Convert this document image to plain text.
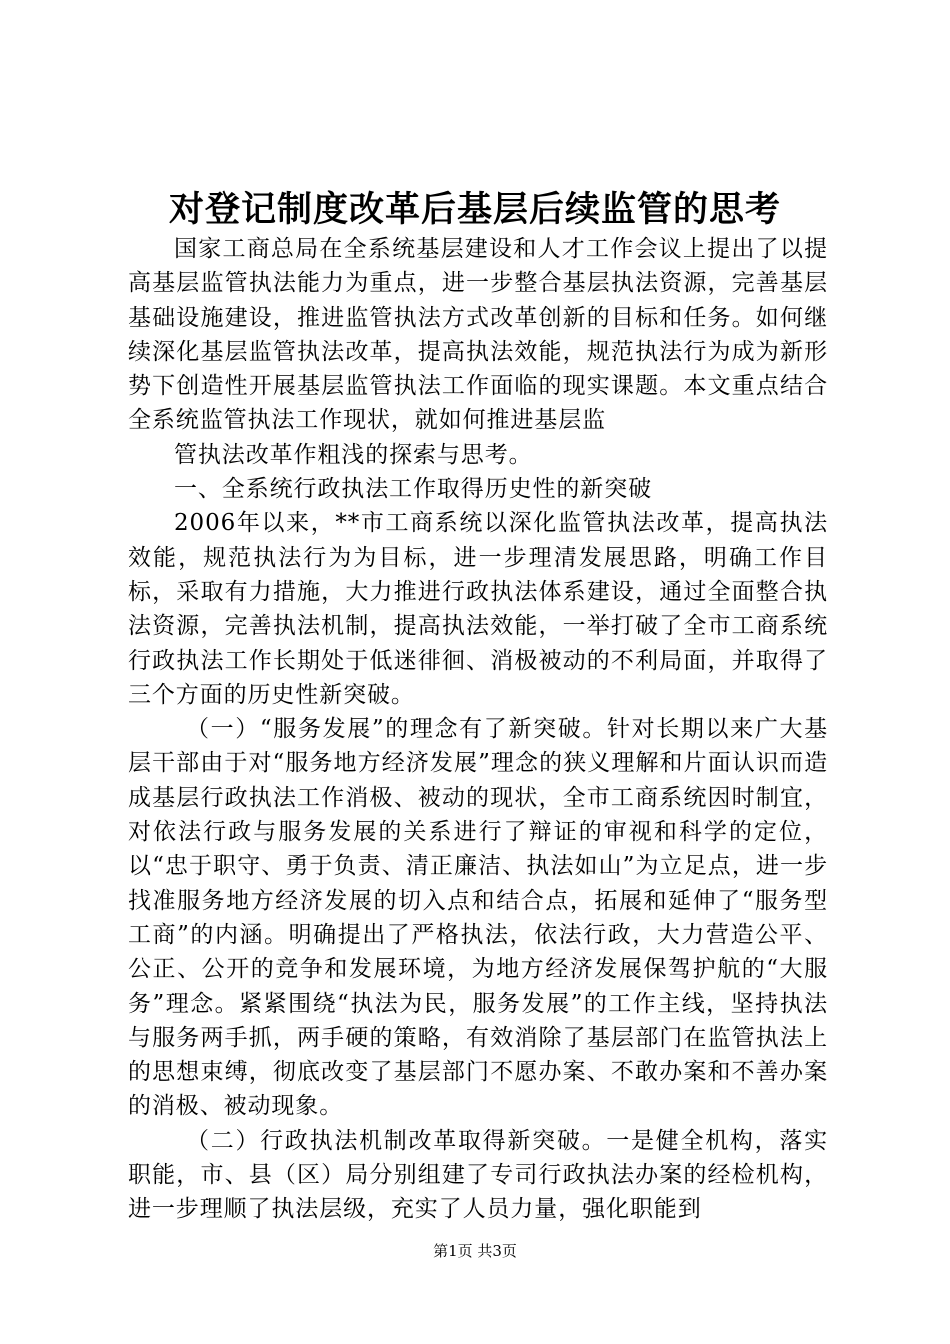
对登记制度改革后基层后续监管的思考

国家工商总局在全系统基层建设和人才工作会议上提出了以提高基层监管执法能力为重点，进一步整合基层执法资源，完善基层基础设施建设，推进监管执法方式改革创新的目标和任务。如何继续深化基层监管执法改革，提高执法效能，规范执法行为成为新形势下创造性开展基层监管执法工作面临的现实课题。本文重点结合全系统监管执法工作现状，就如何推进基层监

管执法改革作粗浅的探索与思考。

一、全系统行政执法工作取得历史性的新突破

2006年以来，**市工商系统以深化监管执法改革，提高执法效能，规范执法行为为目标，进一步理清发展思路，明确工作目标，采取有力措施，大力推进行政执法体系建设，通过全面整合执法资源，完善执法机制，提高执法效能，一举打破了全市工商系统行政执法工作长期处于低迷徘徊、消极被动的不利局面，并取得了三个方面的历史性新突破。

（一）“服务发展”的理念有了新突破。针对长期以来广大基层干部由于对“服务地方经济发展”理念的狭义理解和片面认识而造成基层行政执法工作消极、被动的现状，全市工商系统因时制宜，对依法行政与服务发展的关系进行了辩证的审视和科学的定位，以“忠于职守、勇于负责、清正廉洁、执法如山”为立足点，进一步找准服务地方经济发展的切入点和结合点，拓展和延伸了“服务型工商”的内涵。明确提出了严格执法，依法行政，大力营造公平、公正、公开的竞争和发展环境，为地方经济发展保驾护航的“大服务”理念。紧紧围绕“执法为民，服务发展”的工作主线，坚持执法与服务两手抓，两手硬的策略，有效消除了基层部门在监管执法上的思想束缚，彻底改变了基层部门不愿办案、不敢办案和不善办案的消极、被动现象。

（二）行政执法机制改革取得新突破。一是健全机构，落实职能，市、县（区）局分别组建了专司行政执法办案的经检机构，进一步理顺了执法层级，充实了人员力量，强化职能到

第1页 共3页
